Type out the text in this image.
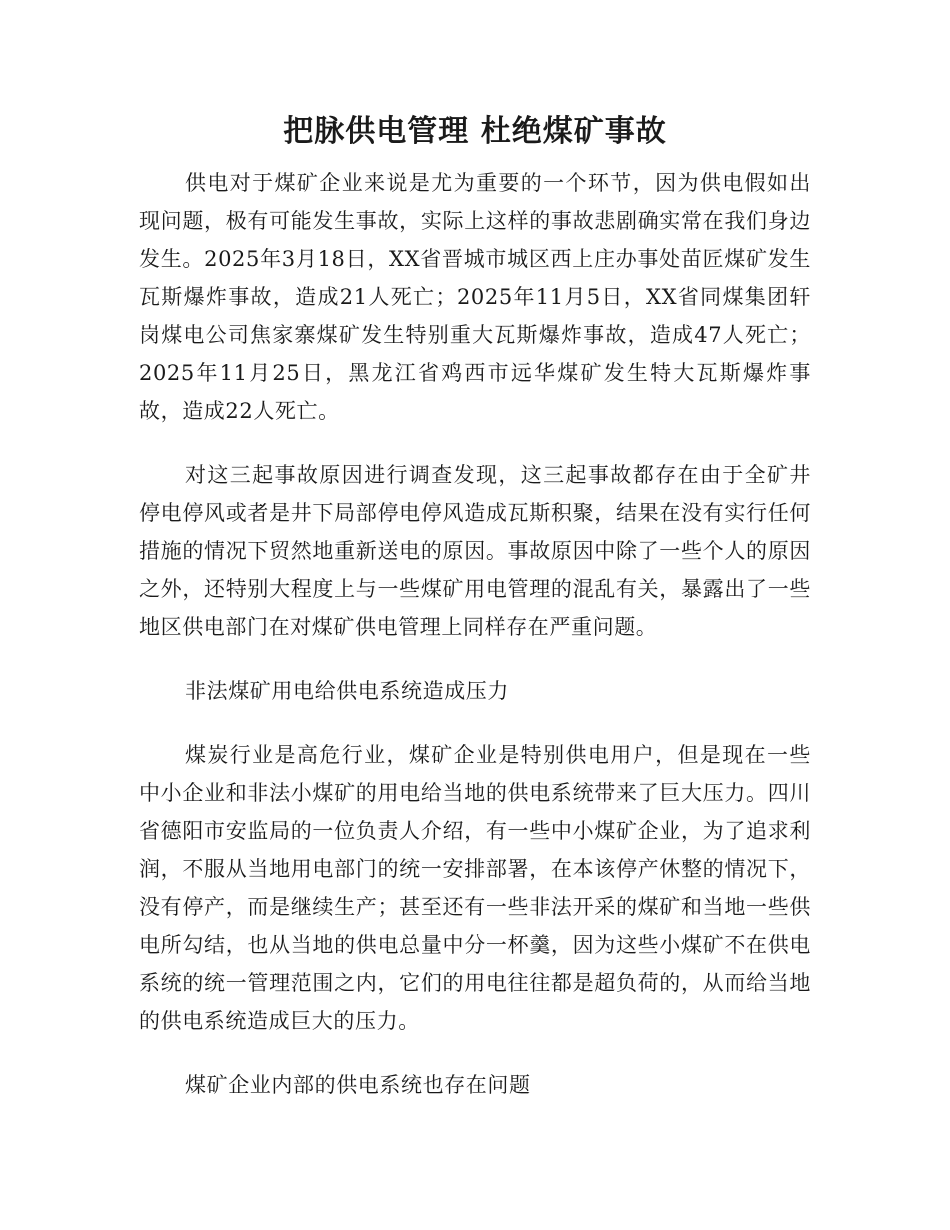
把脉供电管理 杜绝煤矿事故

供电对于煤矿企业来说是尤为重要的一个环节，因为供电假如出现问题，极有可能发生事故，实际上这样的事故悲剧确实常在我们身边发生。2025年3月18日，XX省晋城市城区西上庄办事处苗匠煤矿发生瓦斯爆炸事故，造成21人死亡；2025年11月5日，XX省同煤集团轩岗煤电公司焦家寨煤矿发生特别重大瓦斯爆炸事故，造成47人死亡；2025年11月25日，黑龙江省鸡西市远华煤矿发生特大瓦斯爆炸事故，造成22人死亡。

对这三起事故原因进行调查发现，这三起事故都存在由于全矿井停电停风或者是井下局部停电停风造成瓦斯积聚，结果在没有实行任何措施的情况下贸然地重新送电的原因。事故原因中除了一些个人的原因之外，还特别大程度上与一些煤矿用电管理的混乱有关，暴露出了一些地区供电部门在对煤矿供电管理上同样存在严重问题。

非法煤矿用电给供电系统造成压力

煤炭行业是高危行业，煤矿企业是特别供电用户，但是现在一些中小企业和非法小煤矿的用电给当地的供电系统带来了巨大压力。四川省德阳市安监局的一位负责人介绍，有一些中小煤矿企业，为了追求利润，不服从当地用电部门的统一安排部署，在本该停产休整的情况下，没有停产，而是继续生产；甚至还有一些非法开采的煤矿和当地一些供电所勾结，也从当地的供电总量中分一杯羹，因为这些小煤矿不在供电系统的统一管理范围之内，它们的用电往往都是超负荷的，从而给当地的供电系统造成巨大的压力。

煤矿企业内部的供电系统也存在问题
